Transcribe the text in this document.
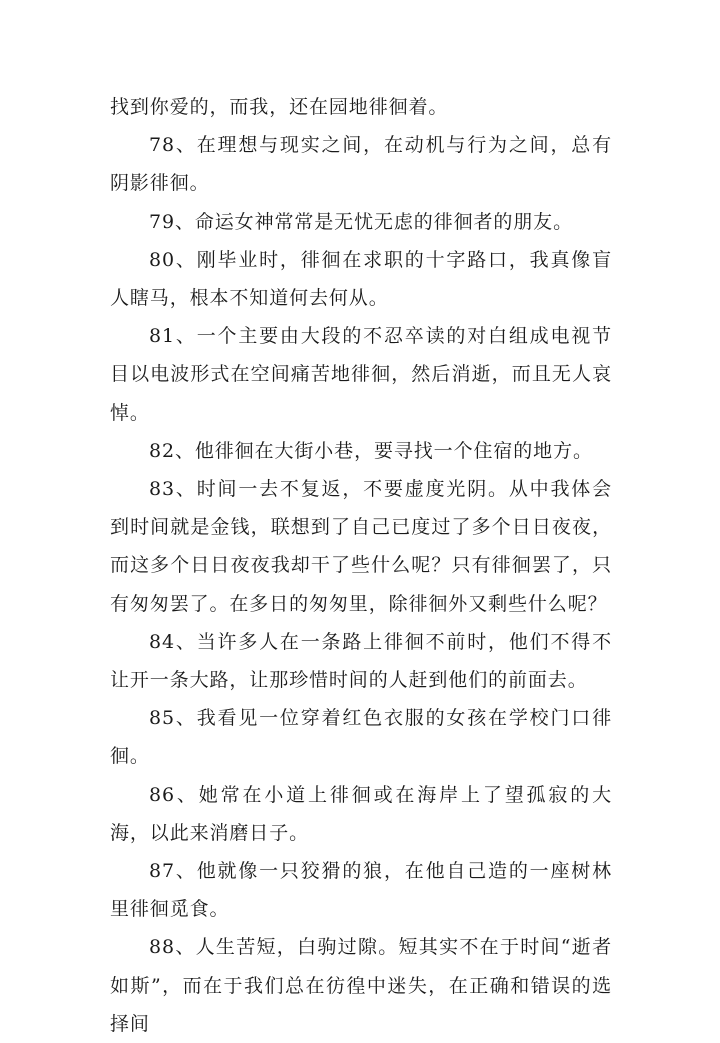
找到你爱的，而我，还在园地徘徊着。

78、在理想与现实之间，在动机与行为之间，总有阴影徘徊。

79、命运女神常常是无忧无虑的徘徊者的朋友。

80、刚毕业时，徘徊在求职的十字路口，我真像盲人瞎马，根本不知道何去何从。

81、一个主要由大段的不忍卒读的对白组成电视节目以电波形式在空间痛苦地徘徊，然后消逝，而且无人哀悼。

82、他徘徊在大街小巷，要寻找一个住宿的地方。

83、时间一去不复返，不要虚度光阴。从中我体会到时间就是金钱，联想到了自己已度过了多个日日夜夜，而这多个日日夜夜我却干了些什么呢？只有徘徊罢了，只有匆匆罢了。在多日的匆匆里，除徘徊外又剩些什么呢？

84、当许多人在一条路上徘徊不前时，他们不得不让开一条大路，让那珍惜时间的人赶到他们的前面去。

85、我看见一位穿着红色衣服的女孩在学校门口徘徊。

86、她常在小道上徘徊或在海岸上了望孤寂的大海，以此来消磨日子。

87、他就像一只狡猾的狼，在他自己造的一座树林里徘徊觅食。

88、人生苦短，白驹过隙。短其实不在于时间“逝者如斯”，而在于我们总在彷徨中迷失，在正确和错误的选择间
